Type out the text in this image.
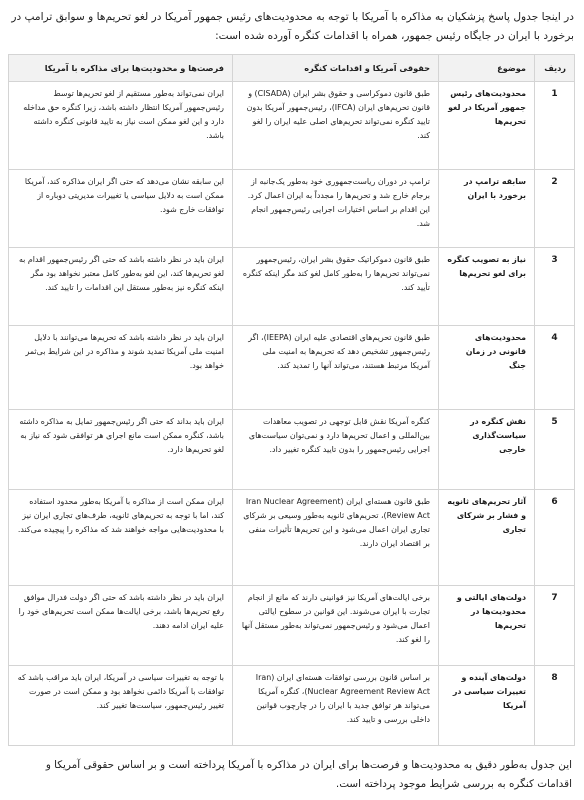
در اینجا جدول پاسخ پزشکیان به مذاکره با آمریکا با توجه به محدودیت‌های رئیس جمهور آمریکا در لغو تحریم‌ها و سوابق ترامپ در برخورد با ایران در جایگاه رئیس جمهور، همراه با اقدامات کنگره آورده شده است:
ردیف	موضوع	حقوقی آمریکا و اقدامات کنگره	فرصت‌ها و محدودیت‌ها برای مذاکره با آمریکا
1	محدودیت‌های رئیس جمهور آمریکا در لغو تحریم‌ها	طبق قانون دموکراسی و حقوق بشر ایران (CISADA) و قانون تحریم‌های ایران (IFCA)، رئیس‌جمهور آمریکا بدون تایید کنگره نمی‌تواند تحریم‌های اصلی علیه ایران را لغو کند.	ایران نمی‌تواند به‌طور مستقیم از لغو تحریم‌ها توسط رئیس‌جمهور آمریکا انتظار داشته باشد، زیرا کنگره حق مداخله دارد و این لغو ممکن است نیاز به تایید قانونی کنگره داشته باشد.
2	سابقه ترامپ در برخورد با ایران	ترامپ در دوران ریاست‌جمهوری خود به‌طور یک‌جانبه از برجام خارج شد و تحریم‌ها را مجدداً به ایران اعمال کرد. این اقدام بر اساس اختیارات اجرایی رئیس‌جمهور انجام شد.	این سابقه نشان می‌دهد که حتی اگر ایران مذاکره کند، آمریکا ممکن است به دلایل سیاسی یا تغییرات مدیریتی دوباره از توافقات خارج شود.
3	نیاز به تصویب کنگره برای لغو تحریم‌ها	طبق قانون دموکراتیک حقوق بشر ایران، رئیس‌جمهور نمی‌تواند تحریم‌ها را به‌طور کامل لغو کند مگر اینکه کنگره تأیید کند.	ایران باید در نظر داشته باشد که حتی اگر رئیس‌جمهور اقدام به لغو تحریم‌ها کند، این لغو به‌طور کامل معتبر نخواهد بود مگر اینکه کنگره نیز به‌طور مستقل این اقدامات را تایید کند.
4	محدودیت‌های قانونی در زمان جنگ	طبق قانون تحریم‌های اقتصادی علیه ایران (IEEPA)، اگر رئیس‌جمهور تشخیص دهد که تحریم‌ها به امنیت ملی آمریکا مرتبط هستند، می‌تواند آنها را تمدید کند.	ایران باید در نظر داشته باشد که تحریم‌ها می‌توانند با دلایل امنیت ملی آمریکا تمدید شوند و مذاکره در این شرایط بی‌ثمر خواهد بود.
5	نقش کنگره در سیاست‌گذاری خارجی	کنگره آمریکا نقش قابل توجهی در تصویب معاهدات بین‌المللی و اعمال تحریم‌ها دارد و نمی‌توان سیاست‌های اجرایی رئیس‌جمهور را بدون تایید کنگره تغییر داد.	ایران باید بداند که حتی اگر رئیس‌جمهور تمایل به مذاکره داشته باشد، کنگره ممکن است مانع اجرای هر توافقی شود که نیاز به لغو تحریم‌ها دارد.
6	آثار تحریم‌های ثانویه و فشار بر شرکای تجاری	طبق قانون هسته‌ای ایران (Iran Nuclear Agreement Review Act)، تحریم‌های ثانویه به‌طور وسیعی بر شرکای تجاری ایران اعمال می‌شود و این تحریم‌ها تأثیرات منفی بر اقتصاد ایران دارند.	ایران ممکن است از مذاکره با آمریکا به‌طور محدود استفاده کند، اما با توجه به تحریم‌های ثانویه، طرف‌های تجاری ایران نیز با محدودیت‌هایی مواجه خواهند شد که مذاکره را پیچیده می‌کند.
7	دولت‌های ایالتی و محدودیت‌ها در تحریم‌ها	برخی ایالت‌های آمریکا نیز قوانینی دارند که مانع از انجام تجارت با ایران می‌شوند. این قوانین در سطوح ایالتی اعمال می‌شود و رئیس‌جمهور نمی‌تواند به‌طور مستقل آنها را لغو کند.	ایران باید در نظر داشته باشد که حتی اگر دولت فدرال موافق رفع تحریم‌ها باشد، برخی ایالت‌ها ممکن است تحریم‌های خود را علیه ایران ادامه دهند.
8	دولت‌های آینده و تغییرات سیاسی در آمریکا	بر اساس قانون بررسی توافقات هسته‌ای ایران (Iran Nuclear Agreement Review Act)، کنگره آمریکا می‌تواند هر توافق جدید با ایران را در چارچوب قوانین داخلی بررسی و تایید کند.	با توجه به تغییرات سیاسی در آمریکا، ایران باید مراقب باشد که توافقات با آمریکا دائمی نخواهد بود و ممکن است در صورت تغییر رئیس‌جمهور، سیاست‌ها تغییر کند.
این جدول به‌طور دقیق به محدودیت‌ها و فرصت‌ها برای ایران در مذاکره با آمریکا پرداخته است و بر اساس حقوقی آمریکا و اقدامات کنگره به بررسی شرایط موجود پرداخته است.
